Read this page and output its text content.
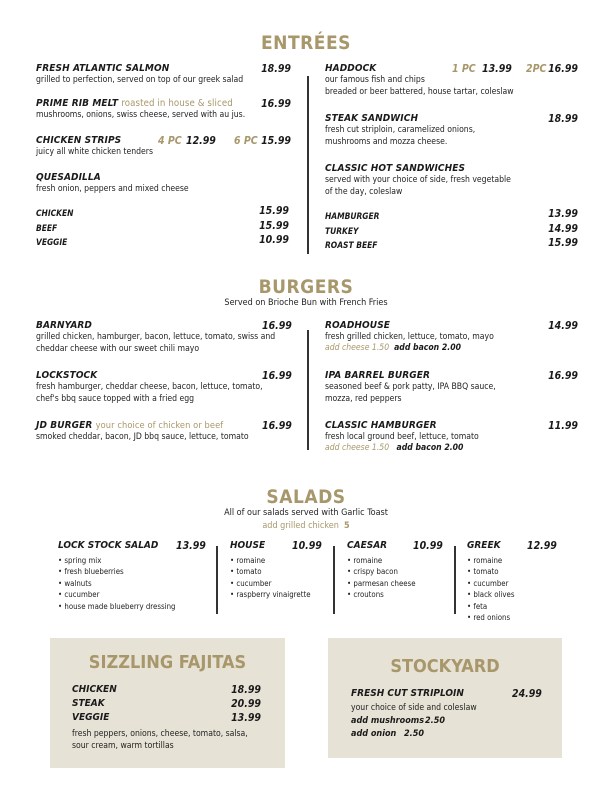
ENTRÉES
FRESH ATLANTIC SALMON
grilled to perfection, served on top of our greek salad
18.99
PRIME RIB MELT roasted in house & sliced
mushrooms, onions, swiss cheese, served with au jus.
16.99
CHICKEN STRIPS
juicy all white chicken tenders
4 PC 12.99 6 PC 15.99
QUESADILLA
fresh onion, peppers and mixed cheese
CHICKEN	15.99
BEEF	15.99
VEGGIE	10.99
HADDOCK
our famous fish and chips
breaded or beer battered, house tartar, coleslaw
1 PC 13.99 2PC 16.99
STEAK SANDWICH
fresh cut striploin, caramelized onions,
mushrooms and mozza cheese.
18.99
CLASSIC HOT SANDWICHES
served with your choice of side, fresh vegetable
of the day, coleslaw
HAMBURGER	13.99
TURKEY	14.99
ROAST BEEF	15.99
BURGERS
Served on Brioche Bun with French Fries
BARNYARD
grilled chicken, hamburger, bacon, lettuce, tomato, swiss and
cheddar cheese with our sweet chili mayo
16.99
LOCKSTOCK
fresh hamburger, cheddar cheese, bacon, lettuce, tomato,
chef's bbq sauce topped with a fried egg
16.99
JD BURGER your choice of chicken or beef
smoked cheddar, bacon, JD bbq sauce, lettuce, tomato
16.99
ROADHOUSE
fresh grilled chicken, lettuce, tomato, mayo
add cheese 1.50 add bacon 2.00
14.99
IPA BARREL BURGER
seasoned beef & pork patty, IPA BBQ sauce,
mozza, red peppers
16.99
CLASSIC HAMBURGER
fresh local ground beef, lettuce, tomato
add cheese 1.50 add bacon 2.00
11.99
SALADS
All of our salads served with Garlic Toast
add grilled chicken 5
LOCK STOCK SALAD	13.99
• spring mix
• fresh blueberries
• walnuts
• cucumber
• house made blueberry dressing
HOUSE	10.99
• romaine
• tomato
• cucumber
• raspberry vinaigrette
CAESAR	10.99
• romaine
• crispy bacon
• parmesan cheese
• croutons
GREEK	12.99
• romaine
• tomato
• cucumber
• black olives
• feta
• red onions
SIZZLING FAJITAS
CHICKEN	18.99
STEAK	20.99
VEGGIE	13.99
fresh peppers, onions, cheese, tomato, salsa,
sour cream, warm tortillas
STOCKYARD
FRESH CUT STRIPLOIN	24.99
your choice of side and coleslaw
add mushrooms 2.50
add onion 2.50
